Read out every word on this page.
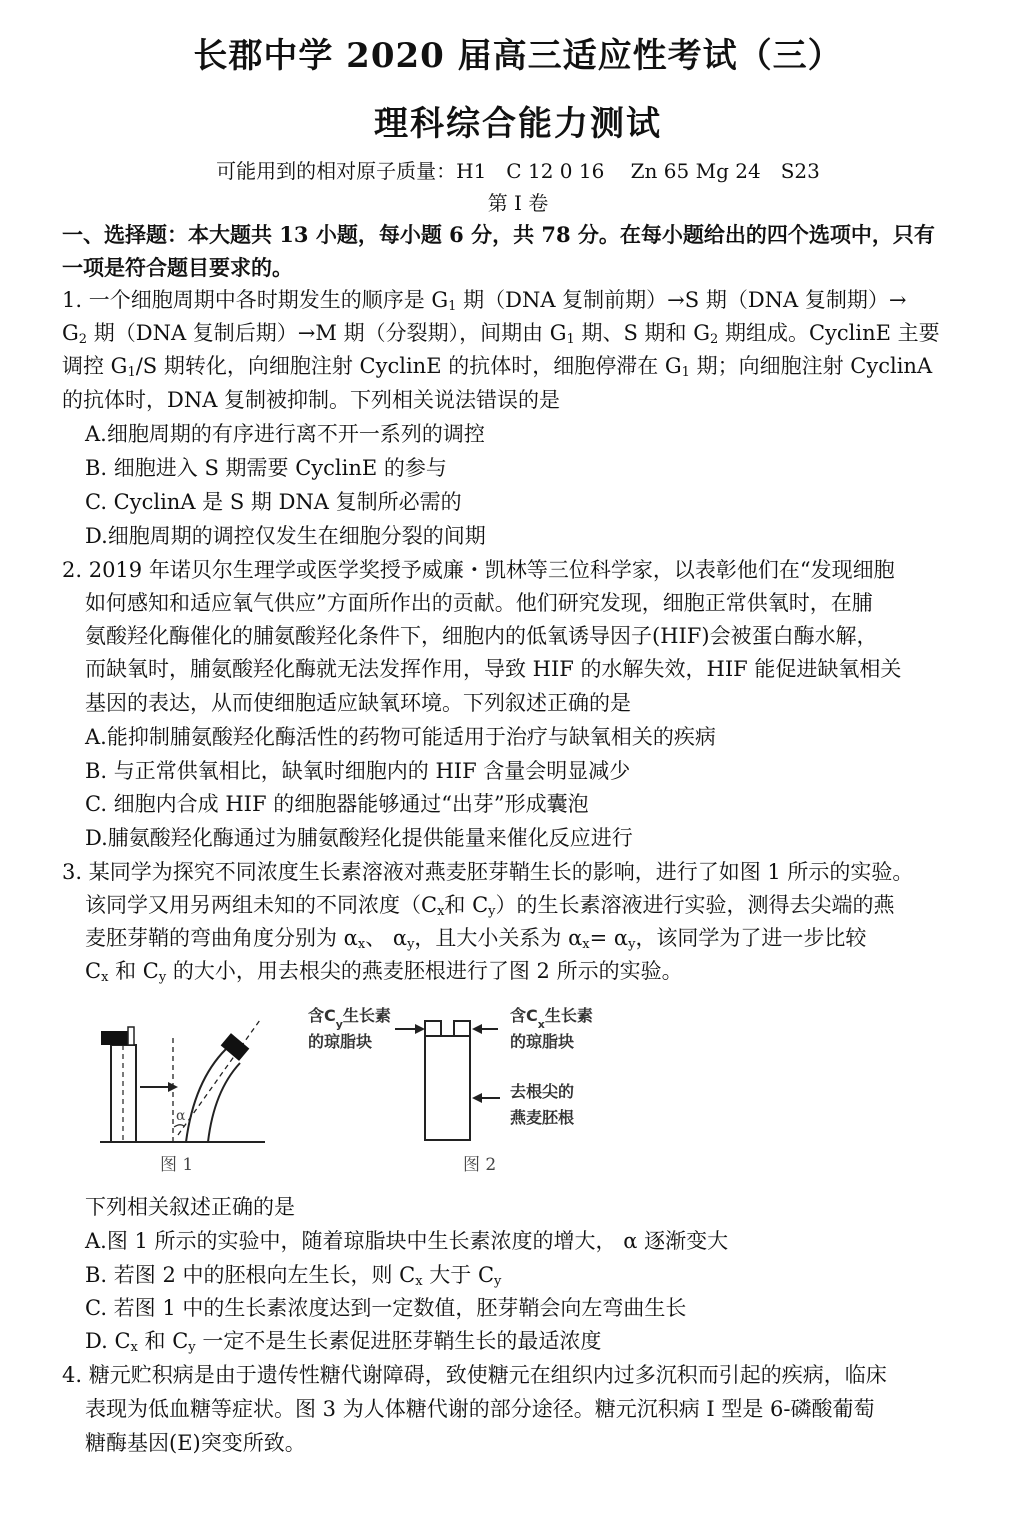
长郡中学 2020 届高三适应性考试（三）
理科综合能力测试
可能用到的相对原子质量：H1　C 12 0 16　 Zn 65 Mg 24　S23
第 I 卷
一、选择题：本大题共 13 小题，每小题 6 分，共 78 分。在每小题给出的四个选项中，只有
一项是符合题目要求的。
1. 一个细胞周期中各时期发生的顺序是 $G_1$ 期（DNA 复制前期）→S 期（DNA 复制期）→
$G_2$ 期（DNA 复制后期）→M 期（分裂期），间期由 $G_1$ 期、S 期和 $G_2$ 期组成。CyclinE 主要
调控 $G_1/S$ 期转化，向细胞注射 CyclinE 的抗体时，细胞停滞在 $G_1$ 期；向细胞注射 CyclinA
的抗体时，DNA 复制被抑制。下列相关说法错误的是
A.细胞周期的有序进行离不开一系列的调控
B. 细胞进入 S 期需要 CyclinE 的参与
C. CyclinA 是 S 期 DNA 复制所必需的
D.细胞周期的调控仅发生在细胞分裂的间期
2. 2019 年诺贝尔生理学或医学奖授予威廉・凯林等三位科学家，以表彰他们在“发现细胞
如何感知和适应氧气供应”方面所作出的贡献。他们研究发现，细胞正常供氧时，在脯
氨酸羟化酶催化的脯氨酸羟化条件下，细胞内的低氧诱导因子(HIF)会被蛋白酶水解，
而缺氧时，脯氨酸羟化酶就无法发挥作用，导致 HIF 的水解失效，HIF 能促进缺氧相关
基因的表达，从而使细胞适应缺氧环境。下列叙述正确的是
A.能抑制脯氨酸羟化酶活性的药物可能适用于治疗与缺氧相关的疾病
B. 与正常供氧相比，缺氧时细胞内的 HIF 含量会明显减少
C. 细胞内合成 HIF 的细胞器能够通过“出芽”形成囊泡
D.脯氨酸羟化酶通过为脯氨酸羟化提供能量来催化反应进行
3. 某同学为探究不同浓度生长素溶液对燕麦胚芽鞘生长的影响，进行了如图 1 所示的实验。
该同学又用另两组未知的不同浓度（$C_x$和 $C_y$）的生长素溶液进行实验，测得去尖端的燕
麦胚芽鞘的弯曲角度分别为 $\alpha_x$、 $\alpha_y$，且大小关系为 $\alpha_x= \alpha_y$，该同学为了进一步比较
$C_x$ 和 $C_y$ 的大小，用去根尖的燕麦胚根进行了图 2 所示的实验。
α
图 1
含$C_y$生长素
的琼脂块
含$C_x$生长素
的琼脂块
去根尖的
燕麦胚根
图 2
下列相关叙述正确的是
A.图 1 所示的实验中，随着琼脂块中生长素浓度的增大， α 逐渐变大
B. 若图 2 中的胚根向左生长，则 $C_x$ 大于 $C_y$
C. 若图 1 中的生长素浓度达到一定数值，胚芽鞘会向左弯曲生长
D. $C_x$ 和 $C_y$ 一定不是生长素促进胚芽鞘生长的最适浓度
4. 糖元贮积病是由于遗传性糖代谢障碍，致使糖元在组织内过多沉积而引起的疾病，临床
表现为低血糖等症状。图 3 为人体糖代谢的部分途径。糖元沉积病 I 型是 6-磷酸葡萄
糖酶基因(E)突变所致。
